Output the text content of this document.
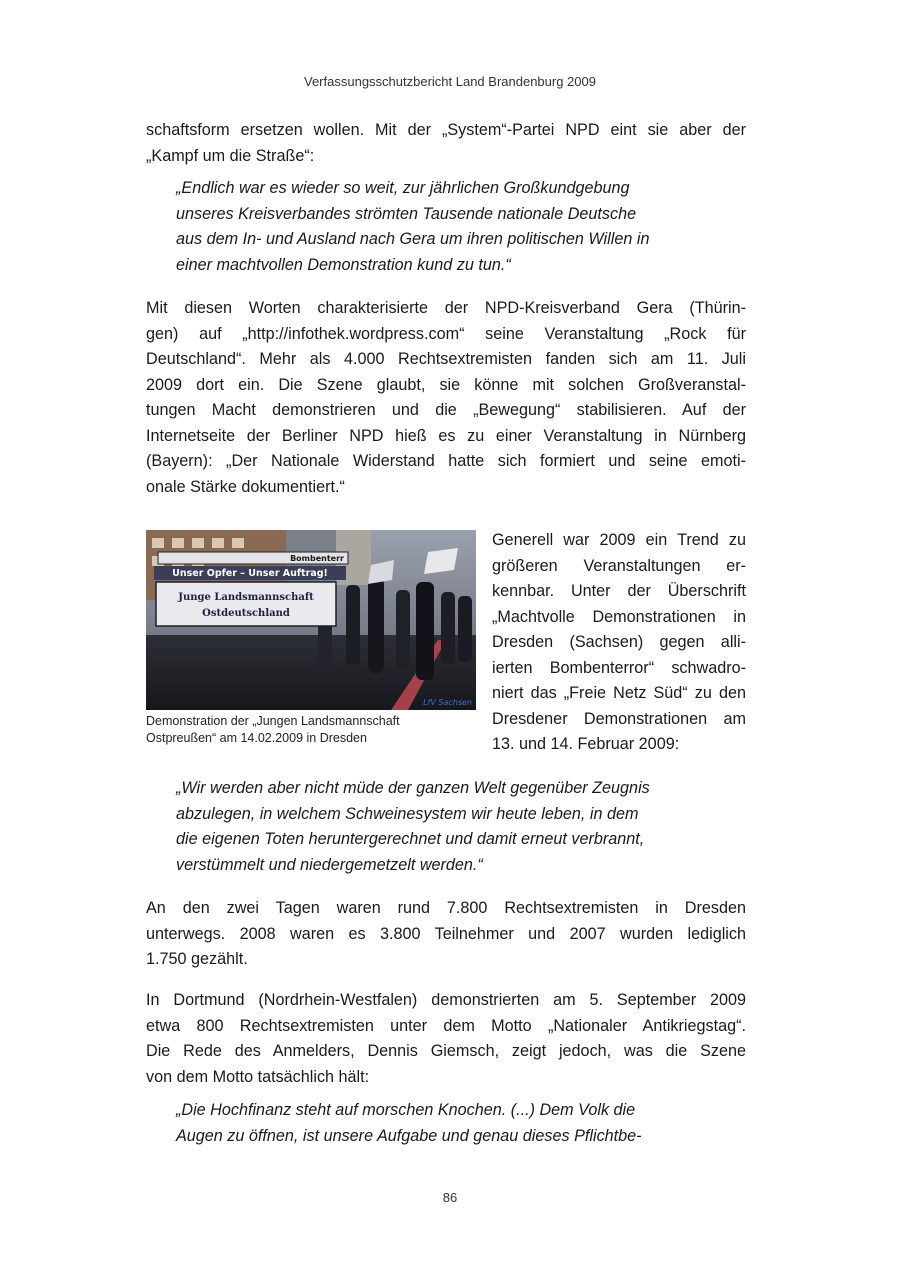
Verfassungsschutzbericht Land Brandenburg 2009
schaftsform ersetzen wollen. Mit der „System“-Partei NPD eint sie aber der
„Kampf um die Straße“:
„Endlich war es wieder so weit, zur jährlichen Großkundgebung
unseres Kreisverbandes strömten Tausende nationale Deutsche
aus dem In- und Ausland nach Gera um ihren politischen Willen in
einer machtvollen Demonstration kund zu tun.“
Mit diesen Worten charakterisierte der NPD-Kreisverband Gera (Thürin-
gen) auf „http://infothek.wordpress.com“ seine Veranstaltung „Rock für
Deutschland“. Mehr als 4.000 Rechtsextremisten fanden sich am 11. Juli
2009 dort ein. Die Szene glaubt, sie könne mit solchen Großveranstal-
tungen Macht demonstrieren und die „Bewegung“ stabilisieren. Auf der
Internetseite der Berliner NPD hieß es zu einer Veranstaltung in Nürnberg
(Bayern): „Der Nationale Widerstand hatte sich formiert und seine emoti-
onale Stärke dokumentiert.“
Bombenterr
Unser Opfer – Unser Auftrag!
Junge Landsmannschaft
Ostdeutschland
LfV Sachsen
Demonstration der „Jungen Landsmannschaft
Ostpreußen“ am 14.02.2009 in Dresden
Generell war 2009 ein Trend zu
größeren Veranstaltungen er-
kennbar. Unter der Überschrift
„Machtvolle Demonstrationen in
Dresden (Sachsen) gegen alli-
ierten Bombenterror“ schwadro-
niert das „Freie Netz Süd“ zu den
Dresdener Demonstrationen am
13. und 14. Februar 2009:
„Wir werden aber nicht müde der ganzen Welt gegenüber Zeugnis
abzulegen, in welchem Schweinesystem wir heute leben, in dem
die eigenen Toten heruntergerechnet und damit erneut verbrannt,
verstümmelt und niedergemetzelt werden.“
An den zwei Tagen waren rund 7.800 Rechtsextremisten in Dresden
unterwegs. 2008 waren es 3.800 Teilnehmer und 2007 wurden lediglich
1.750 gezählt.
In Dortmund (Nordrhein-Westfalen) demonstrierten am 5. September 2009
etwa 800 Rechtsextremisten unter dem Motto „Nationaler Antikriegstag“.
Die Rede des Anmelders, Dennis Giemsch, zeigt jedoch, was die Szene
von dem Motto tatsächlich hält:
„Die Hochfinanz steht auf morschen Knochen. (...) Dem Volk die
Augen zu öffnen, ist unsere Aufgabe und genau dieses Pflichtbe-
86
